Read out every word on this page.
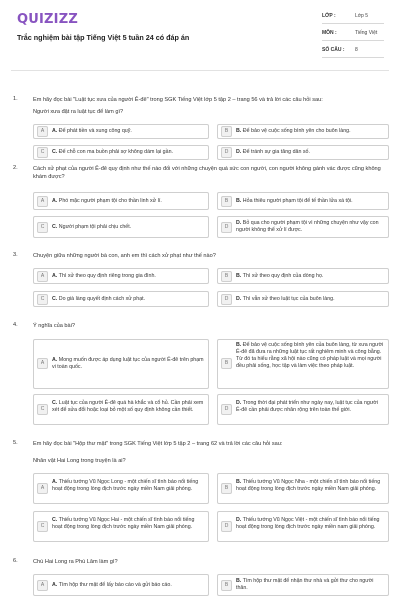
QUIZIZZ
Trắc nghiệm bài tập Tiếng Việt 5 tuần 24 có đáp án
LỚP :	Lớp 5
MÔN :	Tiếng Việt
SỐ CÂU : 8
1.	Em hãy đọc bài "Luật tục xưa của người Ê-đê" trong SGK Tiếng Việt lớp 5 tập 2 – trang 56 và trả lời các câu hỏi sau:
Người xưa đặt ra luật tục để làm gì?
A	A. Để phát tiền và xung công quỹ.	B	B. Để bảo vệ cuộc sống bình yên cho buôn làng.
C	C. Để chỗ con ma buồn phải sợ không dám lại gần.	D	D. Để tránh sự gia tăng dân số.
2.	Cách xử phạt của người Ê-đê quy định như thế nào đối với những chuyện quá sức con người, con người không gánh vác được cũng không khám được?
A	A. Phó mặc người phạm tội cho thần linh xử lí.	B	B. Hỏa thiêu người phạm tội để tế thần lửa xá tội.
C	C. Người phạm tội phải chịu chết.	D
D. Bỏ qua cho người phạm tội vì những chuyện như vậy con người không thể xử lí được.
3.	Chuyện giữa những người bà con, anh em thì cách xử phạt như thế nào?
A	A. Thì xử theo quy định riêng trong gia đình.	B	B. Thì xử theo quy định của dòng họ.
C	C. Do già làng quyết định cách xử phạt.	D	D. Thì vẫn xử theo luật tục của buôn làng.
4.	Ý nghĩa của bài?
A	A. Mong muốn được áp dụng luật tục của người Ê-đê trên phạm vi toàn quốc.
B
B. Để bảo vệ cuộc sống bình yên của buôn làng, từ xưa người Ê-đê đã đưa ra những luật tục rất nghiêm minh và công bằng. Từ đó ta hiểu rằng xã hội nào cũng có pháp luật và mọi người đều phải sống, học tập và làm việc theo pháp luật.
C
C. Luật tục của người Ê-đê quá hà khắc và cổ hủ. Cần phải xem xét để sửa đổi hoặc loại bỏ một số quy định không cần thiết.	D
D. Trong thời đại phát triển như ngày nay, luật tục của người Ê-đê cần phải được nhân rộng trên toàn thế giới.
5.	Em hãy đọc bài "Hộp thư mật" trong SGK Tiếng Việt lớp 5 tập 2 – trang 62 và trả lời các câu hỏi sau:
Nhân vật Hai Long trong truyện là ai?
A
A. Thiếu tướng Vũ Ngọc Long - một chiến sĩ tình báo nổi tiếng hoạt động trong lòng địch trước ngày miền Nam giải phóng.	B
B. Thiếu tướng Vũ Ngọc Nha - một chiến sĩ tình báo nổi tiếng hoạt động trong lòng địch trước ngày miền Nam giải phóng.
C
C. Thiếu tướng Vũ Ngọc Hai - một chiến sĩ tình báo nổi tiếng hoạt động trong lòng địch trước ngày miền Nam giải phóng.	D
D. Thiếu tướng Vũ Ngọc Việt - một chiến sĩ tình báo nổi tiếng hoạt động trong lòng địch trước ngày miền nam giải phóng.
6.	Chú Hai Long ra Phú Lâm làm gì?
A	A. Tìm hộp thư mật để lấy báo cáo và gửi báo cáo.	B
B. Tìm hộp thư mật để nhận thư nhà và gửi thư cho người thân.
